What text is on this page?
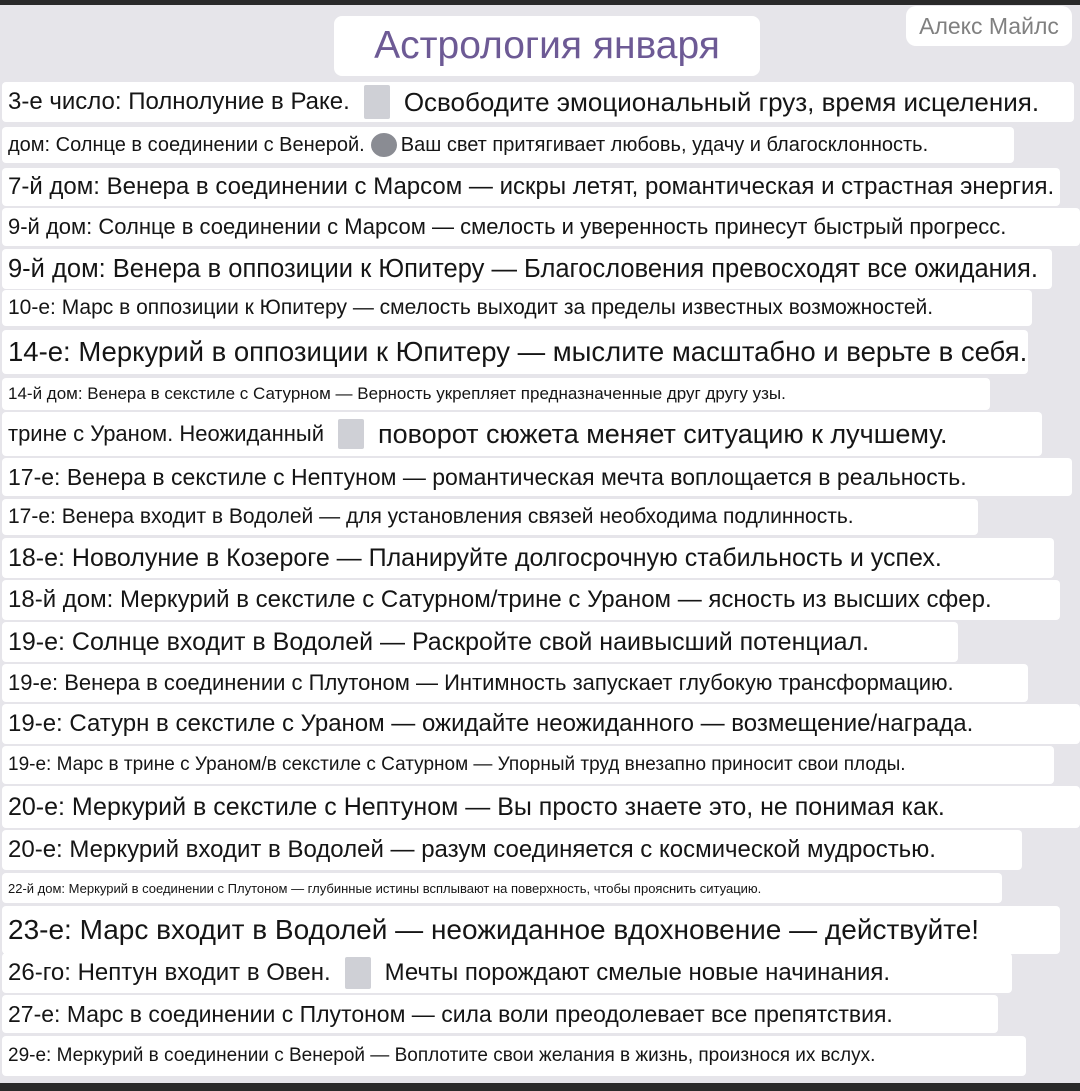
Астрология января	Алекс Майлс
3-е число: Полнолуние в Раке. Освободите эмоциональный груз, время исцеления.
дом: Солнце в соединении с Венерой. Ваш свет притягивает любовь, удачу и благосклонность.
7-й дом: Венера в соединении с Марсом — искры летят, романтическая и страстная энергия.
9-й дом: Солнце в соединении с Марсом — смелость и уверенность принесут быстрый прогресс.
9-й дом: Венера в оппозиции к Юпитеру — Благословения превосходят все ожидания.
10-е: Марс в оппозиции к Юпитеру — смелость выходит за пределы известных возможностей.
14-е: Меркурий в оппозиции к Юпитеру — мыслите масштабно и верьте в себя.
14-й дом: Венера в секстиле с Сатурном — Верность укрепляет предназначенные друг другу узы.
трине с Ураном. Неожиданный поворот сюжета меняет ситуацию к лучшему.
17-е: Венера в секстиле с Нептуном — романтическая мечта воплощается в реальность.
17-е: Венера входит в Водолей — для установления связей необходима подлинность.
18-е: Новолуние в Козероге — Планируйте долгосрочную стабильность и успех.
18-й дом: Меркурий в секстиле с Сатурном/трине с Ураном — ясность из высших сфер.
19-е: Солнце входит в Водолей — Раскройте свой наивысший потенциал.
19-е: Венера в соединении с Плутоном — Интимность запускает глубокую трансформацию.
19-е: Сатурн в секстиле с Ураном — ожидайте неожиданного — возмещение/награда.
19-е: Марс в трине с Ураном/в секстиле с Сатурном — Упорный труд внезапно приносит свои плоды.
20-е: Меркурий в секстиле с Нептуном — Вы просто знаете это, не понимая как.
20-е: Меркурий входит в Водолей — разум соединяется с космической мудростью.
22-й дом: Меркурий в соединении с Плутоном — глубинные истины всплывают на поверхность, чтобы прояснить ситуацию.
23-е: Марс входит в Водолей — неожиданное вдохновение — действуйте!
26-го: Нептун входит в Овен. Мечты порождают смелые новые начинания.
27-е: Марс в соединении с Плутоном — сила воли преодолевает все препятствия.
29-е: Меркурий в соединении с Венерой — Воплотите свои желания в жизнь, произнося их вслух.
